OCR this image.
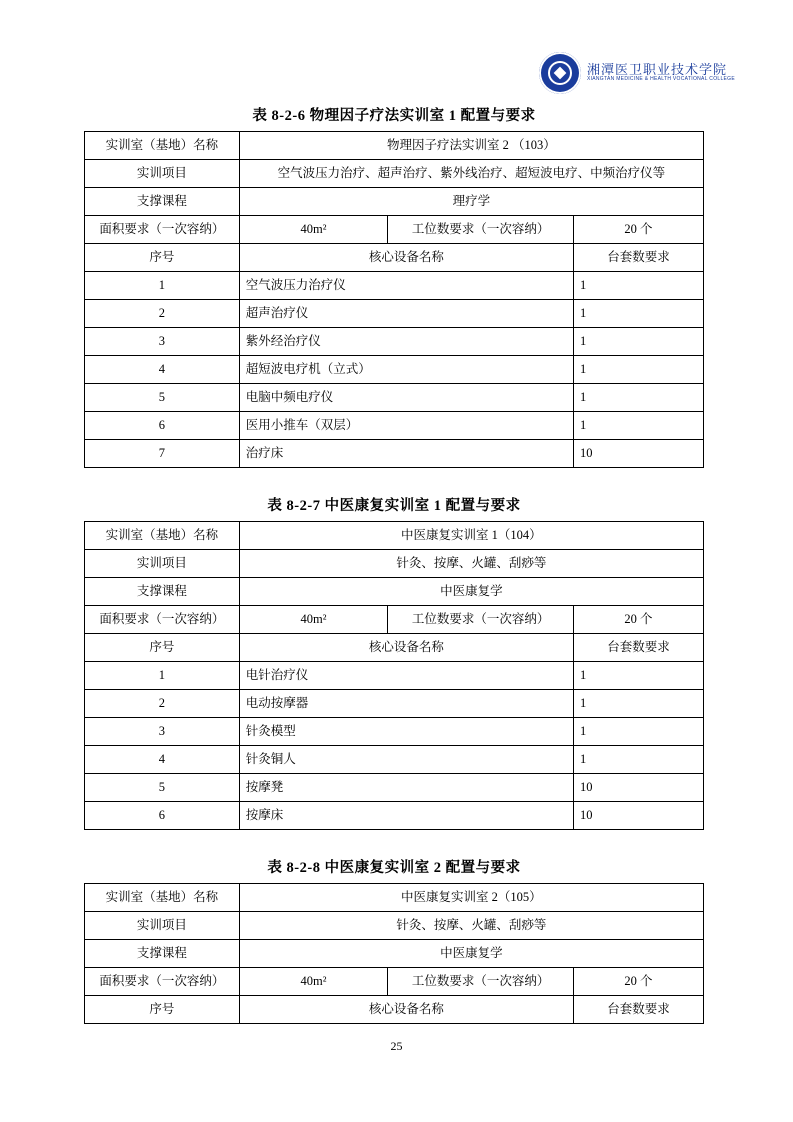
湘潭医卫职业技术学院
XIANGTAN MEDICINE & HEALTH VOCATIONAL COLLEGE
表 8-2-6 物理因子疗法实训室 1 配置与要求
实训室（基地）名称	物理因子疗法实训室 2 （103）		
实训项目	空气波压力治疗、超声治疗、紫外线治疗、超短波电疗、中频治疗仪等		
支撑课程	理疗学		
面积要求（一次容纳）	40m²	工位数要求（一次容纳）	20 个
序号	核心设备名称		台套数要求
1	空气波压力治疗仪		1
2	超声治疗仪		1
3	紫外经治疗仪		1
4	超短波电疗机（立式）		1
5	电脑中频电疗仪		1
6	医用小推车（双层）		1
7	治疗床		10
表 8-2-7 中医康复实训室 1 配置与要求
实训室（基地）名称	中医康复实训室 1（104）		
实训项目	针灸、按摩、火罐、刮痧等		
支撑课程	中医康复学		
面积要求（一次容纳）	40m²	工位数要求（一次容纳）	20 个
序号	核心设备名称		台套数要求
1	电针治疗仪		1
2	电动按摩器		1
3	针灸模型		1
4	针灸铜人		1
5	按摩凳		10
6	按摩床		10
表 8-2-8 中医康复实训室 2 配置与要求
实训室（基地）名称	中医康复实训室 2（105）		
实训项目	针灸、按摩、火罐、刮痧等		
支撑课程	中医康复学		
面积要求（一次容纳）	40m²	工位数要求（一次容纳）	20 个
序号	核心设备名称		台套数要求
25
